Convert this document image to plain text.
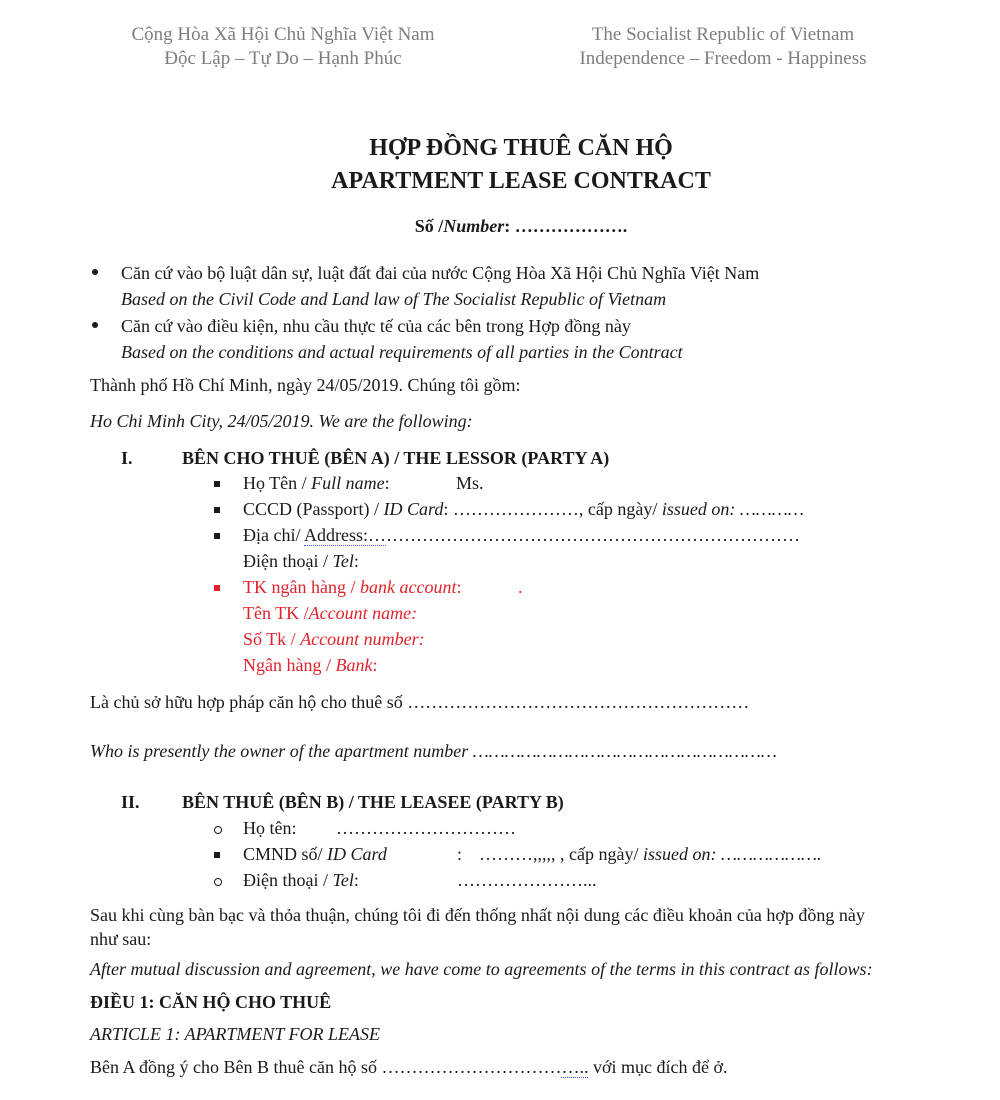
Cộng Hòa Xã Hội Chủ Nghĩa Việt Nam
Độc Lập – Tự Do – Hạnh Phúc
The Socialist Republic of Vietnam
Independence – Freedom - Happiness
HỢP ĐỒNG THUÊ CĂN HỘ
APARTMENT LEASE CONTRACT
Số /Number: ……………….
Căn cứ vào bộ luật dân sự, luật đất đai của nước Cộng Hòa Xã Hội Chủ Nghĩa Việt Nam
Based on the Civil Code and Land law of The Socialist Republic of Vietnam
Căn cứ vào điều kiện, nhu cầu thực tế của các bên trong Hợp đồng này
Based on the conditions and actual requirements of all parties in the Contract
Thành phố Hồ Chí Minh, ngày 24/05/2019. Chúng tôi gồm:
Ho Chi Minh City, 24/05/2019. We are the following:
I.	BÊN CHO THUÊ (BÊN A) / THE LESSOR (PARTY A)
Họ Tên / Full name:	Ms.
CCCD (Passport) / ID Card: …………………, cấp ngày/ issued on: …………
Địa chỉ/ Address:………………………………………………………………
Điện thoại / Tel:
TK ngân hàng / bank account:	.
Tên TK /Account name:
Số Tk / Account number:
Ngân hàng / Bank:
Là chủ sở hữu hợp pháp căn hộ cho thuê số …………………………………………………
Who is presently the owner of the apartment number …………………………………………………
II. BÊN THUÊ (BÊN B) / THE LEASEE (PARTY B)
Họ tên: …………………………
CMND số/ ID Card	: ………,,,,, , cấp ngày/ issued on: ……………….
Điện thoại / Tel:	…………………...
Sau khi cùng bàn bạc và thỏa thuận, chúng tôi đi đến thống nhất nội dung các điều khoản của hợp đồng này
như sau:
After mutual discussion and agreement, we have come to agreements of the terms in this contract as follows:
ĐIỀU 1: CĂN HỘ CHO THUÊ
ARTICLE 1: APARTMENT FOR LEASE
Bên A đồng ý cho Bên B thuê căn hộ số …………………………….. với mục đích để ở.
